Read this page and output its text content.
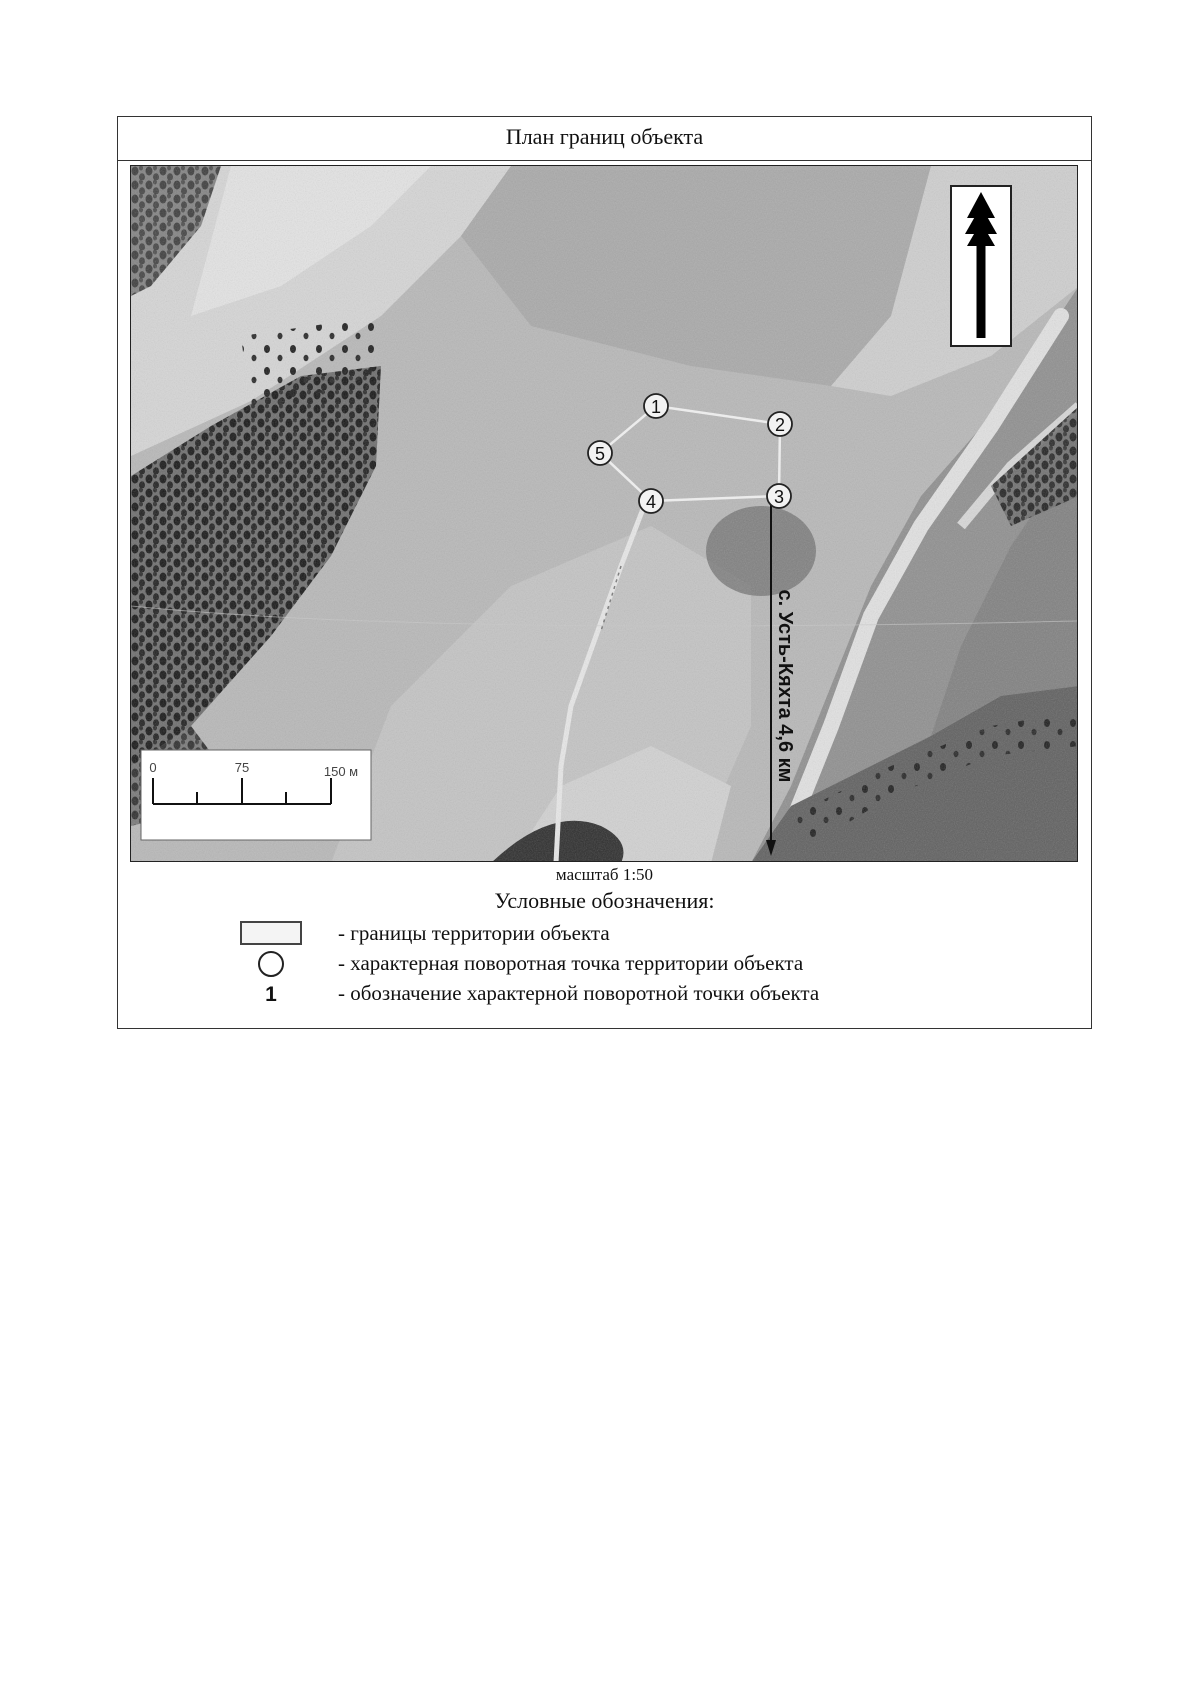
План границ объекта
с. Усть-Кяхта 4,6 км
0	75	150 м
1
2
3
4
5
масштаб 1:50
Условные обозначения:
- границы территории объекта
- характерная поворотная точка территории объекта
1	- обозначение характерной поворотной точки объекта
